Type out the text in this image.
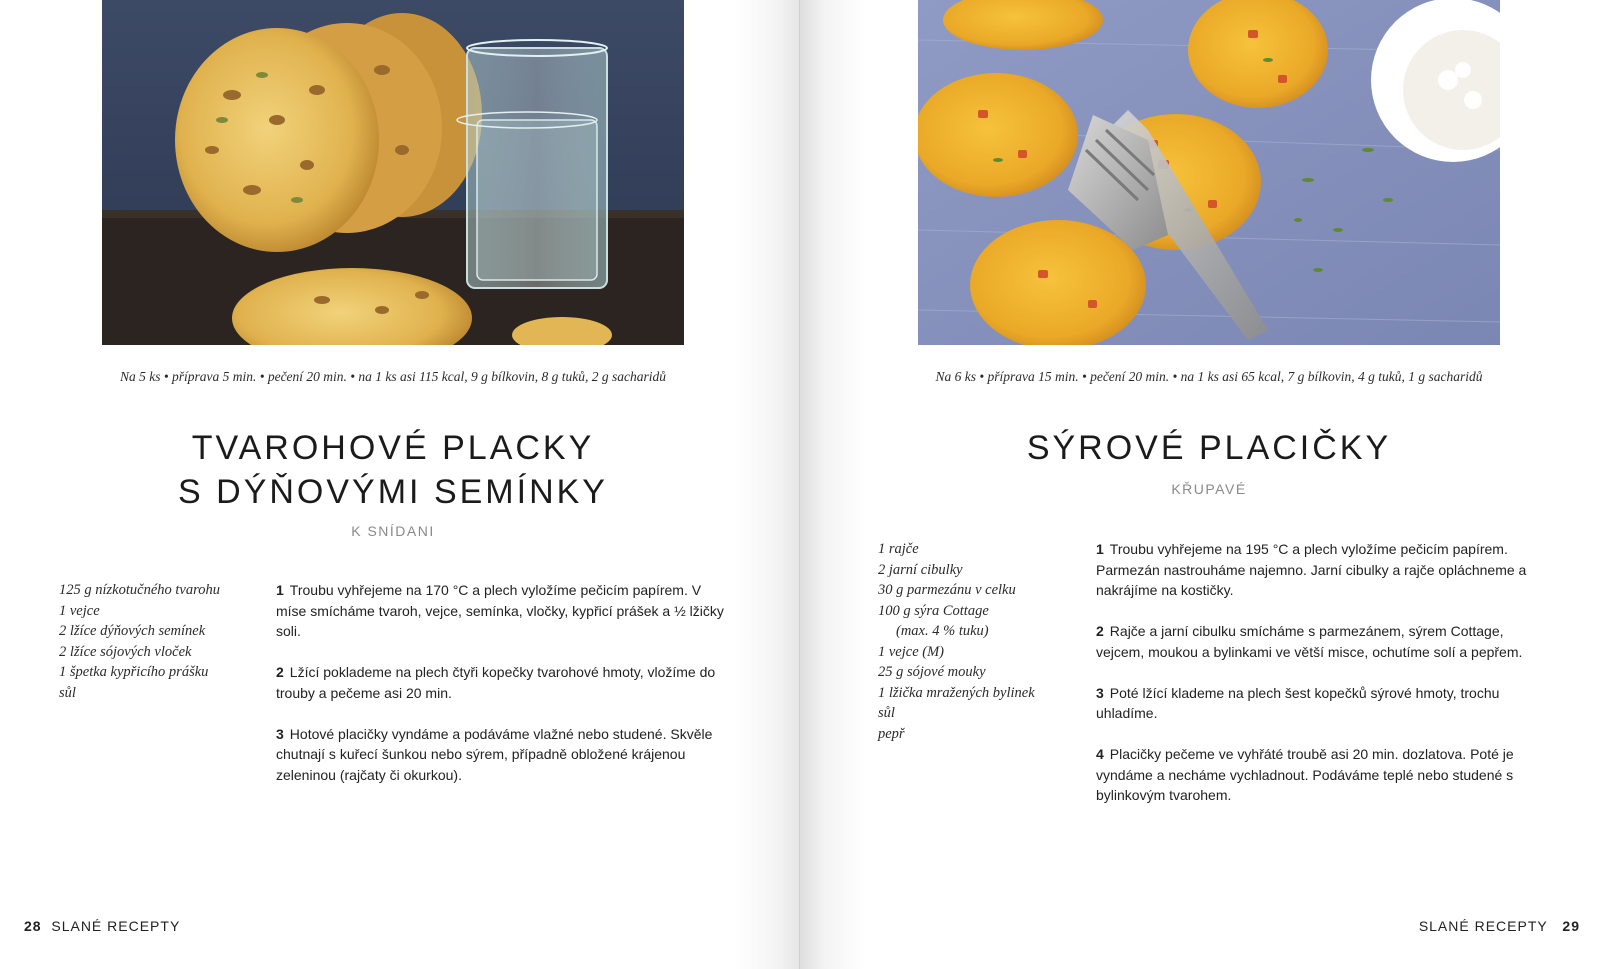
Na 5 ks • příprava 5 min. • pečení 20 min. • na 1 ks asi 115 kcal, 9 g bílkovin, 8 g tuků, 2 g sacharidů
TVAROHOVÉ PLACKY
S DÝŇOVÝMI SEMÍNKY
K SNÍDANI
125 g nízkotučného tvarohu
1 vejce
2 lžíce dýňových semínek
2 lžíce sójových vloček
1 špetka kypřicího prášku
sůl

1 Troubu vyhřejeme na 170 °C a plech vyložíme pečicím papírem. V míse smícháme tvaroh, vejce, semínka, vločky, kypřicí prášek a ½ lžičky soli.

2 Lžící poklademe na plech čtyři kopečky tvarohové hmoty, vložíme do trouby a pečeme asi 20 min.

3 Hotové placičky vyndáme a podáváme vlažné nebo studené. Skvěle chutnají s kuřecí šunkou nebo sýrem, případně obložené krájenou zeleninou (rajčaty či okurkou).

28 SLANÉ RECEPTY
Na 6 ks • příprava 15 min. • pečení 20 min. • na 1 ks asi 65 kcal, 7 g bílkovin, 4 g tuků, 1 g sacharidů
SÝROVÉ PLACIČKY
KŘUPAVÉ
1 rajče
2 jarní cibulky
30 g parmezánu v celku
100 g sýra Cottage
(max. 4 % tuku)
1 vejce (M)
25 g sójové mouky
1 lžička mražených bylinek
sůl
pepř

1 Troubu vyhřejeme na 195 °C a plech vyložíme pečicím papírem. Parmezán nastrouháme najemno. Jarní cibulky a rajče opláchneme a nakrájíme na kostičky.

2 Rajče a jarní cibulku smícháme s parmezánem, sýrem Cottage, vejcem, moukou a bylinkami ve větší misce, ochutíme solí a pepřem.

3 Poté lžící klademe na plech šest kopečků sýrové hmoty, trochu uhladíme.

4 Placičky pečeme ve vyhřáté troubě asi 20 min. dozlatova. Poté je vyndáme a necháme vychladnout. Podáváme teplé nebo studené s bylinkovým tvarohem.

SLANÉ RECEPTY 29
